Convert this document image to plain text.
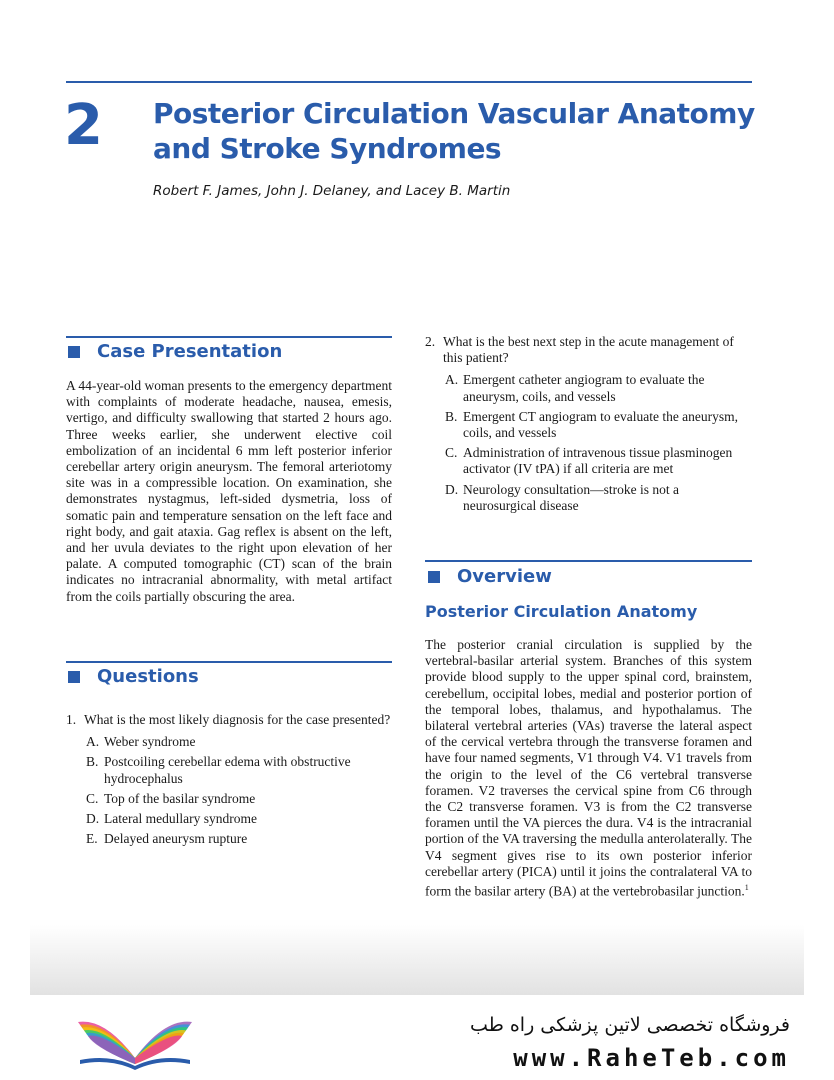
2 Posterior Circulation Vascular Anatomy and Stroke Syndromes
Robert F. James, John J. Delaney, and Lacey B. Martin
Case Presentation

A 44-year-old woman presents to the emergency department with complaints of moderate headache, nausea, emesis, vertigo, and difficulty swallowing that started 2 hours ago. Three weeks earlier, she underwent elective coil embolization of an incidental 6 mm left posterior inferior cerebellar artery origin aneurysm. The femoral arteriotomy site was in a compressible location. On examination, she demonstrates nystagmus, left-sided dysmetria, loss of somatic pain and temperature sensation on the left face and right body, and gait ataxia. Gag reflex is absent on the left, and her uvula deviates to the right upon elevation of her palate. A computed tomographic (CT) scan of the brain indicates no intracranial abnormality, with metal artifact from the coils partially obscuring the area.

Questions
1. What is the most likely diagnosis for the case presented?
A. Weber syndrome
B. Postcoiling cerebellar edema with obstructive hydrocephalus
C. Top of the basilar syndrome
D. Lateral medullary syndrome
E. Delayed aneurysm rupture
2. What is the best next step in the acute management of this patient?
A. Emergent catheter angiogram to evaluate the aneurysm, coils, and vessels
B. Emergent CT angiogram to evaluate the aneurysm, coils, and vessels
C. Administration of intravenous tissue plasminogen activator (IV tPA) if all criteria are met
D. Neurology consultation—stroke is not a neurosurgical disease
Overview
Posterior Circulation Anatomy

The posterior cranial circulation is supplied by the vertebral-basilar arterial system. Branches of this system provide blood supply to the upper spinal cord, brainstem, cerebellum, occipital lobes, medial and posterior portion of the temporal lobes, thalamus, and hypothalamus. The bilateral vertebral arteries (VAs) traverse the lateral aspect of the cervical vertebra through the transverse foramen and have four named segments, V1 through V4. V1 travels from the origin to the level of the C6 vertebral transverse foramen. V2 traverses the cervical spine from C6 through the C2 transverse foramen. V3 is from the C2 transverse foramen until the VA pierces the dura. V4 is the intracranial portion of the VA traversing the medulla anterolaterally. The V4 segment gives rise to its own posterior inferior cerebellar artery (PICA) until it joins the contralateral VA to form the basilar artery (BA) at the vertebrobasilar junction.$^1$

فروشگاه تخصصی لاتین پزشکی راه طب
www.RaheTeb.com
